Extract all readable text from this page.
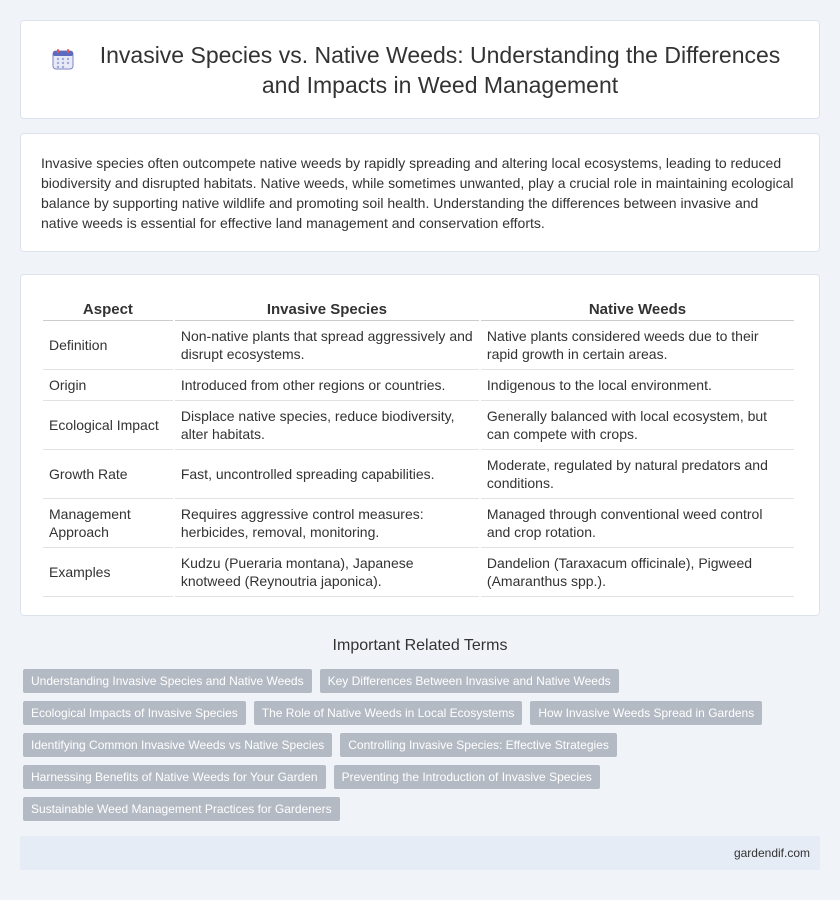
Invasive Species vs. Native Weeds: Understanding the Differences and Impacts in Weed Management

Invasive species often outcompete native weeds by rapidly spreading and altering local ecosystems, leading to reduced biodiversity and disrupted habitats. Native weeds, while sometimes unwanted, play a crucial role in maintaining ecological balance by supporting native wildlife and promoting soil health. Understanding the differences between invasive and native weeds is essential for effective land management and conservation efforts.

Aspect	Invasive Species	Native Weeds
Definition	Non-native plants that spread aggressively and disrupt ecosystems.	Native plants considered weeds due to their rapid growth in certain areas.
Origin	Introduced from other regions or countries.	Indigenous to the local environment.
Ecological Impact	Displace native species, reduce biodiversity, alter habitats.	Generally balanced with local ecosystem, but can compete with crops.
Growth Rate	Fast, uncontrolled spreading capabilities.	Moderate, regulated by natural predators and conditions.
Management Approach	Requires aggressive control measures: herbicides, removal, monitoring.	Managed through conventional weed control and crop rotation.
Examples	Kudzu (Pueraria montana), Japanese knotweed (Reynoutria japonica).	Dandelion (Taraxacum officinale), Pigweed (Amaranthus spp.).
Important Related Terms
Understanding Invasive Species and Native Weeds	Key Differences Between Invasive and Native Weeds
Ecological Impacts of Invasive Species	The Role of Native Weeds in Local Ecosystems	How Invasive Weeds Spread in Gardens
Identifying Common Invasive Weeds vs Native Species	Controlling Invasive Species: Effective Strategies
Harnessing Benefits of Native Weeds for Your Garden	Preventing the Introduction of Invasive Species
Sustainable Weed Management Practices for Gardeners
gardendif.com
